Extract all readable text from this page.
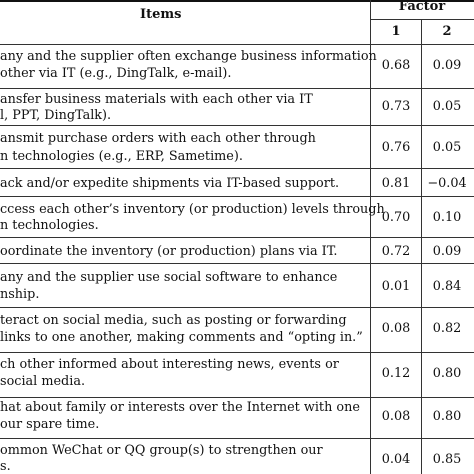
Items
Factor
1	2
any and the supplier often exchange business information
other via IT (e.g., DingTalk, e-mail).
0.68	0.09
ansfer business materials with each other via IT
l, PPT, DingTalk).
0.73	0.05
ansmit purchase orders with each other through
n technologies (e.g., ERP, Sametime).
0.76	0.05
ack and/or expedite shipments via IT-based support.	0.81	−0.04
ccess each other’s inventory (or production) levels through
n technologies.
0.70	0.10
oordinate the inventory (or production) plans via IT.	0.72	0.09
any and the supplier use social software to enhance
nship.
0.01	0.84
teract on social media, such as posting or forwarding
links to one another, making comments and “opting in.”
0.08	0.82
ch other informed about interesting news, events or
social media.
0.12	0.80
hat about family or interests over the Internet with one
our spare time.
0.08	0.80
ommon WeChat or QQ group(s) to strengthen our
s.	0.04	0.85
